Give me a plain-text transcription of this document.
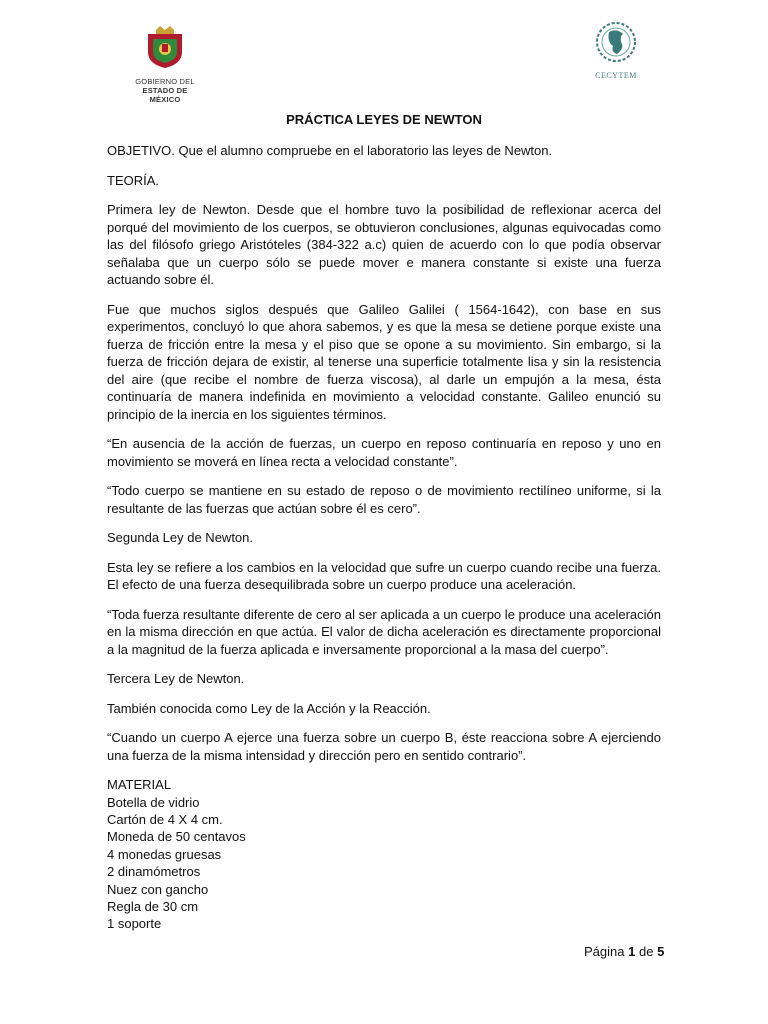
GOBIERNO DEL
ESTADO DE MÉXICO
CECYTEM
PRÁCTICA LEYES DE NEWTON

OBJETIVO. Que el alumno compruebe en el laboratorio las leyes de Newton.

TEORÍA.

Primera ley de Newton. Desde que el hombre tuvo la posibilidad de reflexionar acerca del porqué del movimiento de los cuerpos, se obtuvieron conclusiones, algunas equivocadas como las del filósofo griego Aristóteles (384-322 a.c) quien de acuerdo con lo que podía observar señalaba que un cuerpo sólo se puede mover e manera constante si existe una fuerza actuando sobre él.

Fue que muchos siglos después que Galileo Galilei ( 1564-1642), con base en sus experimentos, concluyó lo que ahora sabemos, y es que la mesa se detiene porque existe una fuerza de fricción entre la mesa y el piso que se opone a su movimiento. Sin embargo, si la fuerza de fricción dejara de existir, al tenerse una superficie totalmente lisa y sin la resistencia del aire (que recibe el nombre de fuerza viscosa), al darle un empujón a la mesa, ésta continuaría de manera indefinida en movimiento a velocidad constante. Galileo enunció su principio de la inercia en los siguientes términos.

“En ausencia de la acción de fuerzas, un cuerpo en reposo continuaría en reposo y uno en movimiento se moverá en línea recta a velocidad constante”.

“Todo cuerpo se mantiene en su estado de reposo o de movimiento rectilíneo uniforme, si la resultante de las fuerzas que actúan sobre él es cero”.

Segunda Ley de Newton.

Esta ley se refiere a los cambios en la velocidad que sufre un cuerpo cuando recibe una fuerza. El efecto de una fuerza desequilibrada sobre un cuerpo produce una aceleración.

“Toda fuerza resultante diferente de cero al ser aplicada a un cuerpo le produce una aceleración en la misma dirección en que actúa. El valor de dicha aceleración es directamente proporcional a la magnitud de la fuerza aplicada e inversamente proporcional a la masa del cuerpo”.

Tercera Ley de Newton.

También conocida como Ley de la Acción y la Reacción.

“Cuando un cuerpo A ejerce una fuerza sobre un cuerpo B, éste reacciona sobre A ejerciendo una fuerza de la misma intensidad y dirección pero en sentido contrario”.

MATERIAL
Botella de vidrio
Cartón de 4 X 4 cm.
Moneda de 50 centavos
4 monedas gruesas
2 dinamómetros
Nuez con gancho
Regla de 30 cm
1 soporte
Página 1 de 5
